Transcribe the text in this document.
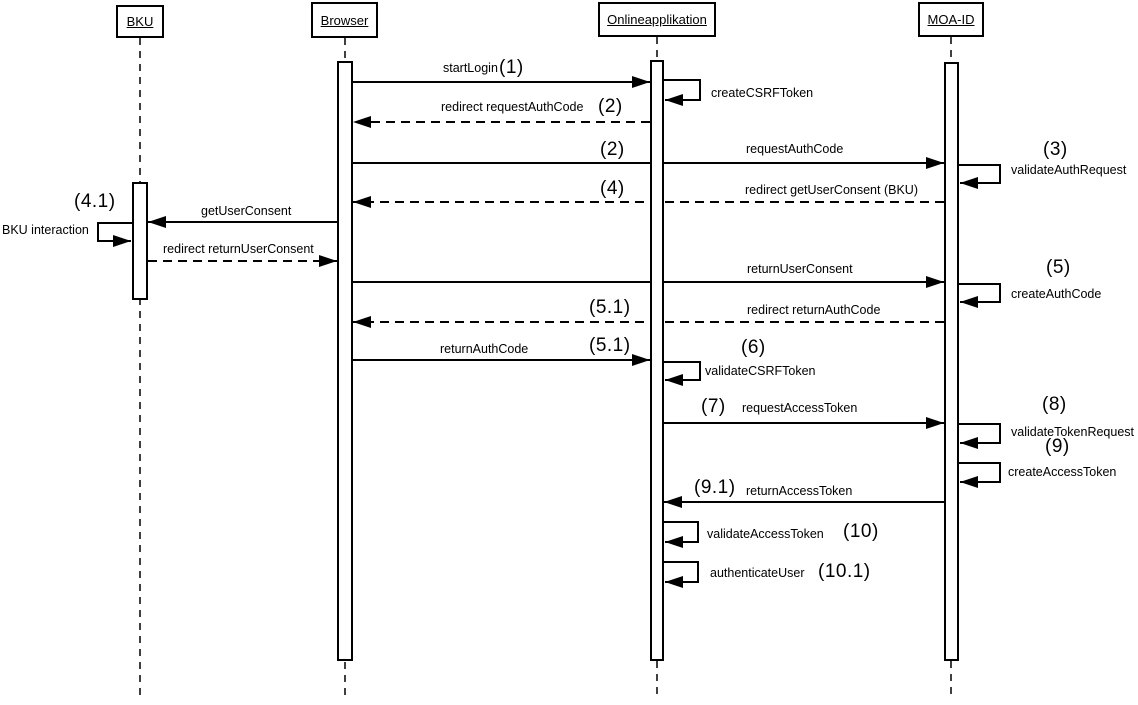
BKU	Browser	Onlineapplikation	MOA-ID
startLogin
createCSRFToken
redirect requestAuthCode
requestAuthCode
validateAuthRequest
redirect getUserConsent (BKU)
getUserConsent
BKU interaction
redirect returnUserConsent
returnUserConsent
createAuthCode
redirect returnAuthCode
returnAuthCode
validateCSRFToken
requestAccessToken
validateTokenRequest
createAccessToken
returnAccessToken
validateAccessToken
authenticateUser
(1)
(2)
(2)	(3)
(4)
(4.1)
(5)
(5.1)
(5.1)	(6)
(7)	(8)
(9)
(9.1)
(10)
(10.1)
